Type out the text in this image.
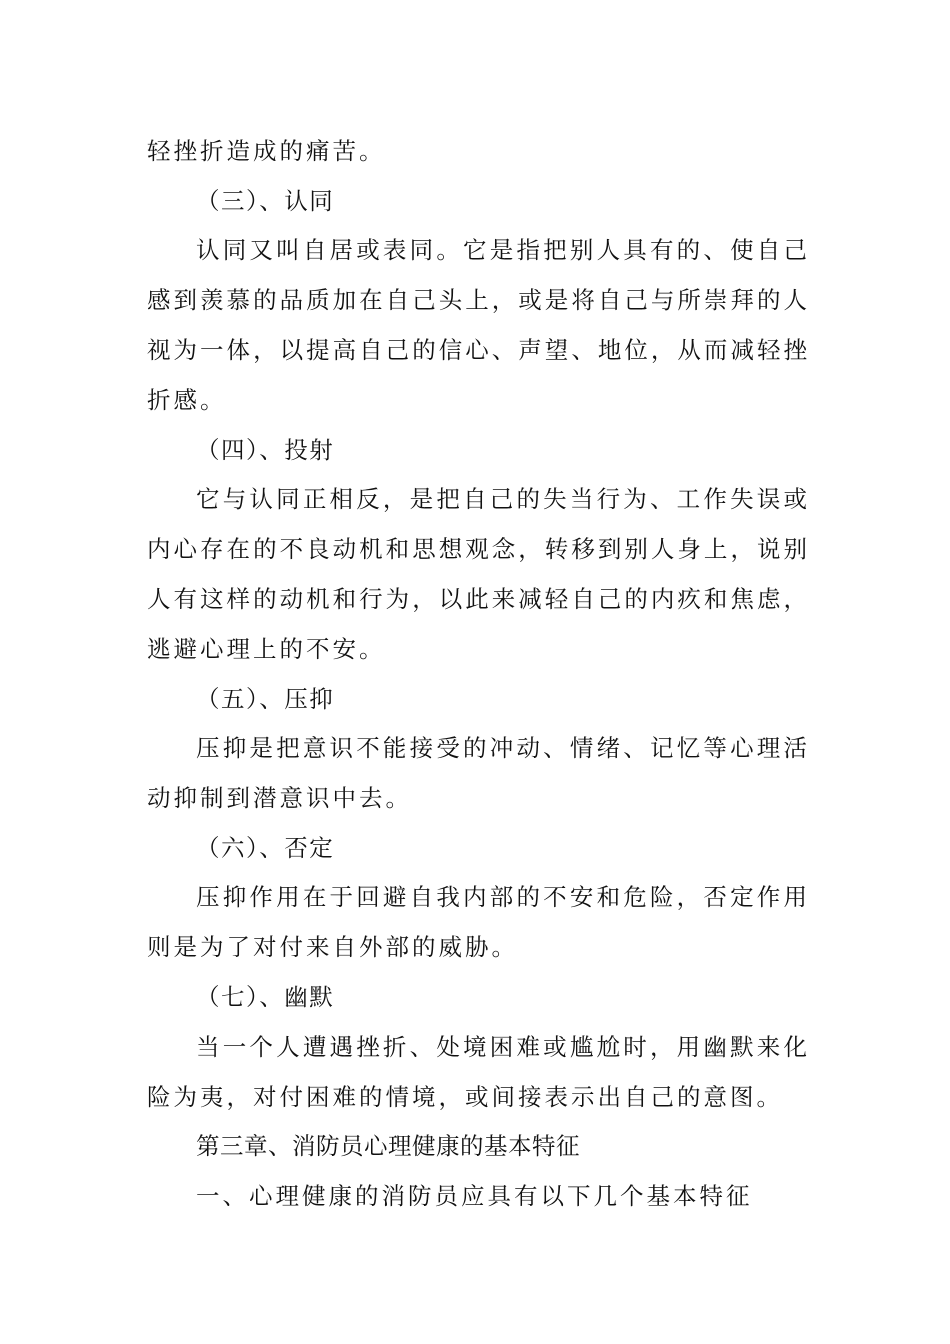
轻挫折造成的痛苦。
（三）、认同
认同又叫自居或表同。它是指把别人具有的、使自己
感到羡慕的品质加在自己头上，或是将自己与所崇拜的人
视为一体，以提高自己的信心、声望、地位，从而减轻挫
折感。
（四）、投射
它与认同正相反，是把自己的失当行为、工作失误或
内心存在的不良动机和思想观念，转移到别人身上，说别
人有这样的动机和行为，以此来减轻自己的内疚和焦虑，
逃避心理上的不安。
（五）、压抑
压抑是把意识不能接受的冲动、情绪、记忆等心理活
动抑制到潜意识中去。
（六）、否定
压抑作用在于回避自我内部的不安和危险，否定作用
则是为了对付来自外部的威胁。
（七）、幽默
当一个人遭遇挫折、处境困难或尴尬时，用幽默来化
险为夷，对付困难的情境，或间接表示出自己的意图。
第三章、消防员心理健康的基本特征
一、心理健康的消防员应具有以下几个基本特征
